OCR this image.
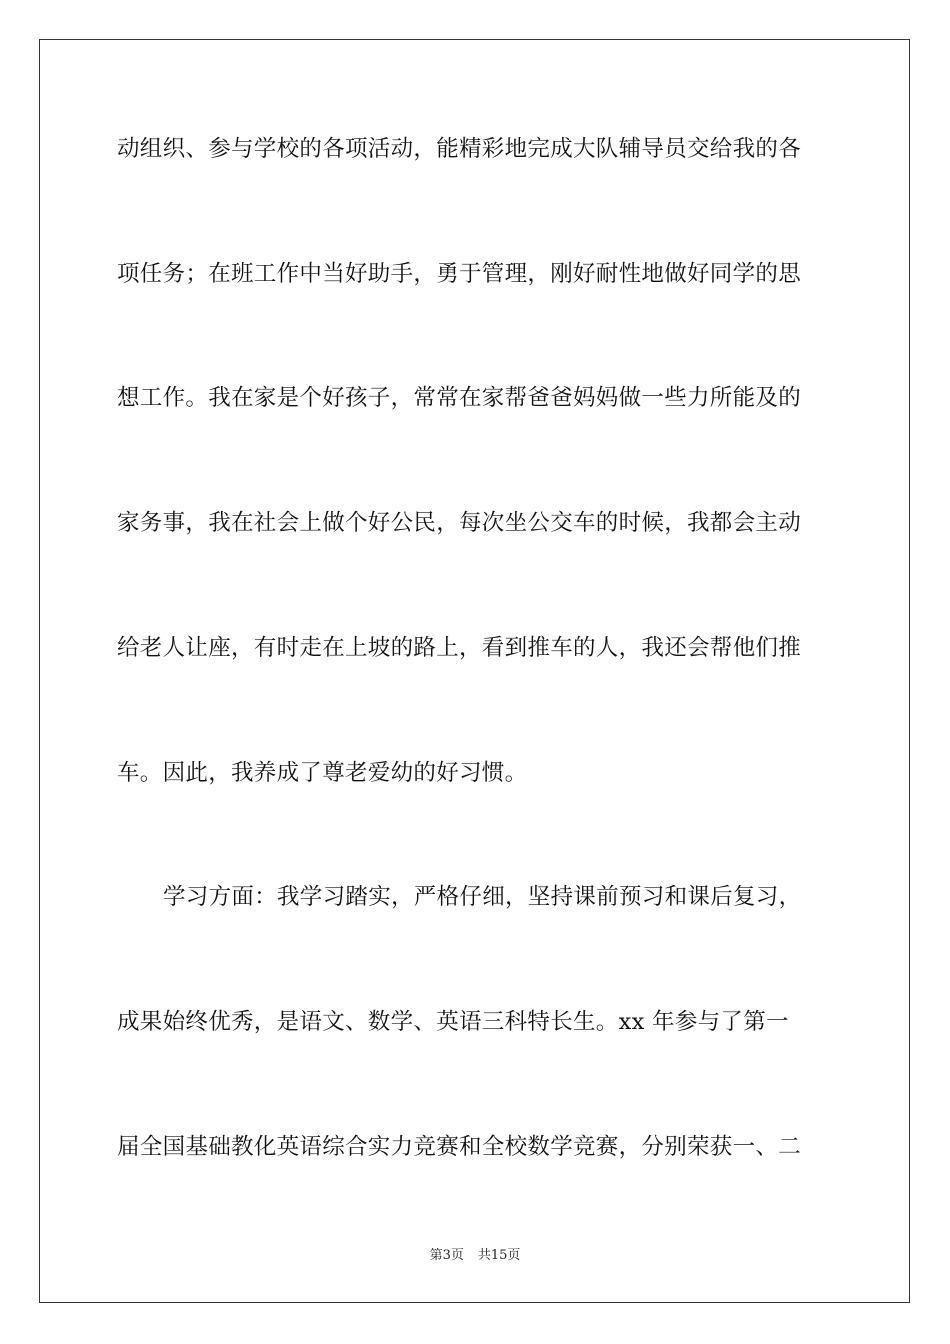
动组织、参与学校的各项活动，能精彩地完成大队辅导员交给我的各
项任务；在班工作中当好助手，勇于管理，刚好耐性地做好同学的思
想工作。我在家是个好孩子，常常在家帮爸爸妈妈做一些力所能及的
家务事，我在社会上做个好公民，每次坐公交车的时候，我都会主动
给老人让座，有时走在上坡的路上，看到推车的人，我还会帮他们推
车。因此，我养成了尊老爱幼的好习惯。
学习方面：我学习踏实，严格仔细，坚持课前预习和课后复习，
成果始终优秀，是语文、数学、英语三科特长生。xx 年参与了第一
届全国基础教化英语综合实力竞赛和全校数学竞赛，分别荣获一、二
第3页 共15页
